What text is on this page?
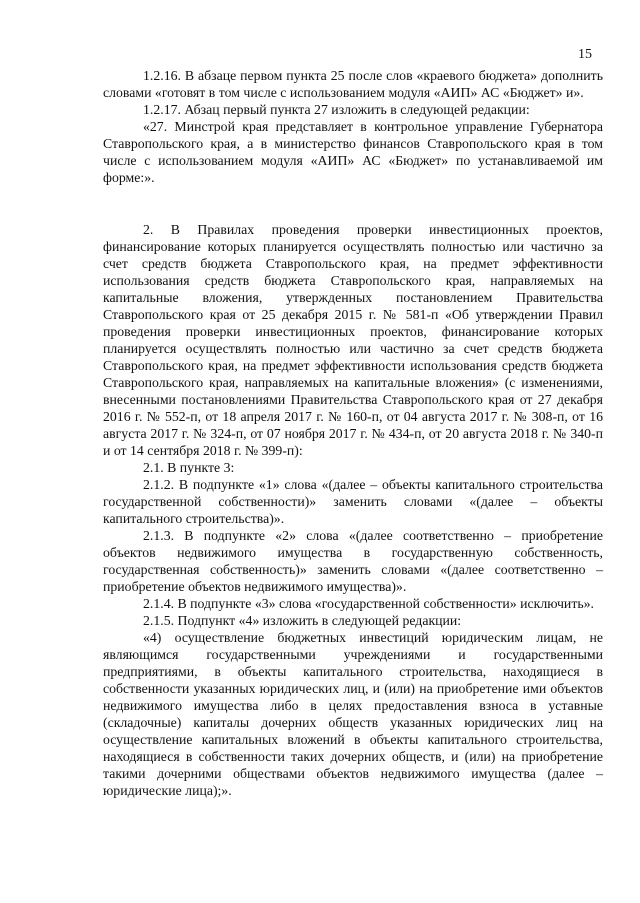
15

1.2.16. В абзаце первом пункта 25 после слов «краевого бюджета» дополнить словами «готовят в том числе с использованием модуля «АИП» АС «Бюджет» и».

1.2.17. Абзац первый пункта 27 изложить в следующей редакции:

«27. Минстрой края представляет в контрольное управление Губернатора Ставропольского края, а в министерство финансов Ставропольского края в том числе с использованием модуля «АИП» АС «Бюджет» по устанавливаемой им форме:».

2. В Правилах проведения проверки инвестиционных проектов, финансирование которых планируется осуществлять полностью или частично за счет средств бюджета Ставропольского края, на предмет эффективности использования средств бюджета Ставропольского края, направляемых на капитальные вложения, утвержденных постановлением Правительства Ставропольского края от 25 декабря 2015 г. № 581-п «Об утверждении Правил проведения проверки инвестиционных проектов, финансирование которых планируется осуществлять полностью или частично за счет средств бюджета Ставропольского края, на предмет эффективности использования средств бюджета Ставропольского края, направляемых на капитальные вложения» (с изменениями, внесенными постановлениями Правительства Ставропольского края от 27 декабря 2016 г. № 552-п, от 18 апреля 2017 г. № 160-п, от 04 августа 2017 г. № 308-п, от 16 августа 2017 г. № 324-п, от 07 ноября 2017 г. № 434-п, от 20 августа 2018 г. № 340-п и от 14 сентября 2018 г. № 399-п):

2.1. В пункте 3:

2.1.2. В подпункте «1» слова «(далее – объекты капитального строительства государственной собственности)» заменить словами «(далее – объекты капитального строительства)».

2.1.3. В подпункте «2» слова «(далее соответственно – приобретение объектов недвижимого имущества в государственную собственность, государственная собственность)» заменить словами «(далее соответственно – приобретение объектов недвижимого имущества)».

2.1.4. В подпункте «3» слова «государственной собственности» исключить».

2.1.5. Подпункт «4» изложить в следующей редакции:

«4) осуществление бюджетных инвестиций юридическим лицам, не являющимся государственными учреждениями и государственными предприятиями, в объекты капитального строительства, находящиеся в собственности указанных юридических лиц, и (или) на приобретение ими объектов недвижимого имущества либо в целях предоставления взноса в уставные (складочные) капиталы дочерних обществ указанных юридических лиц на осуществление капитальных вложений в объекты капитального строительства, находящиеся в собственности таких дочерних обществ, и (или) на приобретение такими дочерними обществами объектов недвижимого имущества (далее – юридические лица);».
